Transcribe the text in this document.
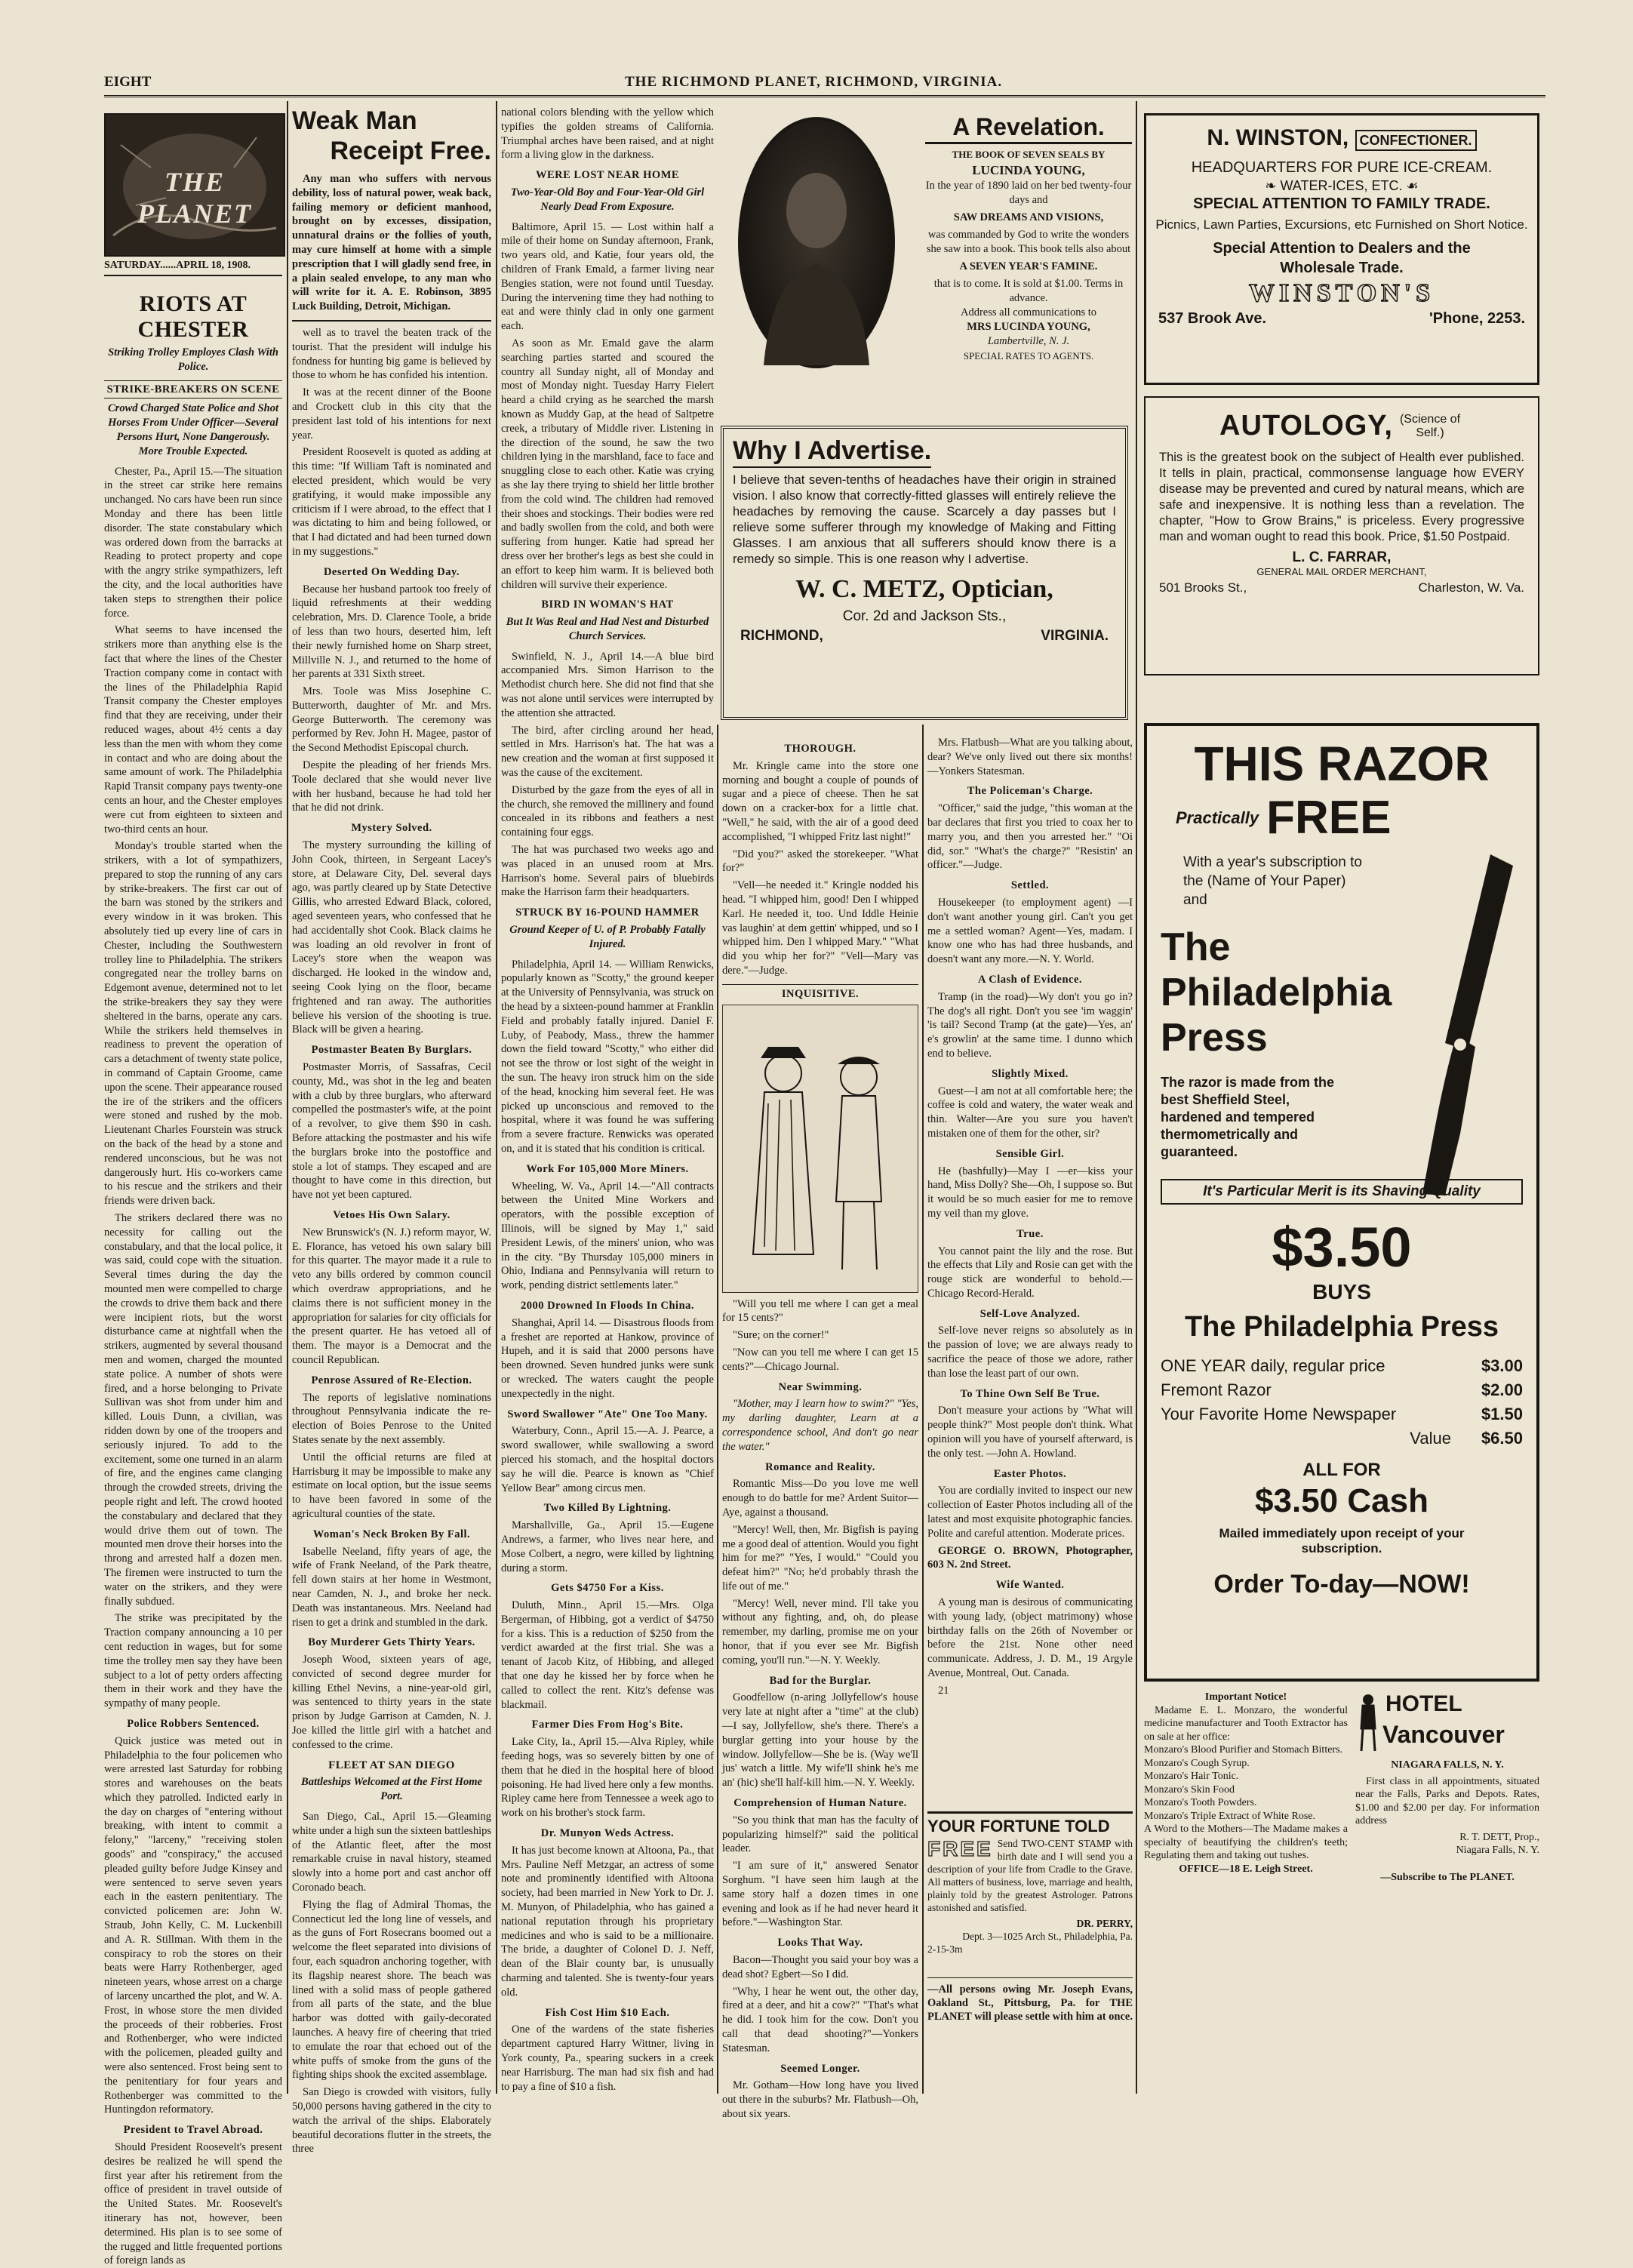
EIGHT	THE RICHMOND PLANET, RICHMOND, VIRGINIA.
THE PLANET
SATURDAY......APRIL 18, 1908.
RIOTS AT CHESTER
Striking Trolley Employes Clash With Police.
STRIKE-BREAKERS ON SCENE
Crowd Charged State Police and Shot Horses From Under Officer—Several Persons Hurt, None Dangerously. More Trouble Expected.

Chester, Pa., April 15.—The situation in the street car strike here remains unchanged. No cars have been run since Monday and there has been little disorder. The state constabulary which was ordered down from the barracks at Reading to protect property and cope with the angry strike sympathizers, left the city, and the local authorities have taken steps to strengthen their police force.

What seems to have incensed the strikers more than anything else is the fact that where the lines of the Chester Traction company come in contact with the lines of the Philadelphia Rapid Transit company the Chester employes find that they are receiving, under their reduced wages, about 4½ cents a day less than the men with whom they come in contact and who are doing about the same amount of work. The Philadelphia Rapid Transit company pays twenty-one cents an hour, and the Chester employes were cut from eighteen to sixteen and two-third cents an hour.

Monday's trouble started when the strikers, with a lot of sympathizers, prepared to stop the running of any cars by strike-breakers. The first car out of the barn was stoned by the strikers and every window in it was broken. This absolutely tied up every line of cars in Chester, including the Southwestern trolley line to Philadelphia. The strikers congregated near the trolley barns on Edgemont avenue, determined not to let the strike-breakers they say they were sheltered in the barns, operate any cars. While the strikers held themselves in readiness to prevent the operation of cars a detachment of twenty state police, in command of Captain Groome, came upon the scene. Their appearance roused the ire of the strikers and the officers were stoned and rushed by the mob. Lieutenant Charles Fourstein was struck on the back of the head by a stone and rendered unconscious, but he was not dangerously hurt. His co-workers came to his rescue and the strikers and their friends were driven back.

The strikers declared there was no necessity for calling out the constabulary, and that the local police, it was said, could cope with the situation. Several times during the day the mounted men were compelled to charge the crowds to drive them back and there were incipient riots, but the worst disturbance came at nightfall when the strikers, augmented by several thousand men and women, charged the mounted state police. A number of shots were fired, and a horse belonging to Private Sullivan was shot from under him and killed. Louis Dunn, a civilian, was ridden down by one of the troopers and seriously injured. To add to the excitement, some one turned in an alarm of fire, and the engines came clanging through the crowded streets, driving the people right and left. The crowd hooted the constabulary and declared that they would drive them out of town. The mounted men drove their horses into the throng and arrested half a dozen men. The firemen were instructed to turn the water on the strikers, and they were finally subdued.

The strike was precipitated by the Traction company announcing a 10 per cent reduction in wages, but for some time the trolley men say they have been subject to a lot of petty orders affecting them in their work and they have the sympathy of many people.

Police Robbers Sentenced.

Quick justice was meted out in Philadelphia to the four policemen who were arrested last Saturday for robbing stores and warehouses on the beats which they patrolled. Indicted early in the day on charges of "entering without breaking, with intent to commit a felony," "larceny," "receiving stolen goods" and "conspiracy," the accused pleaded guilty before Judge Kinsey and were sentenced to serve seven years each in the eastern penitentiary. The convicted policemen are: John W. Straub, John Kelly, C. M. Luckenbill and A. R. Stillman. With them in the conspiracy to rob the stores on their beats were Harry Rothenberger, aged nineteen years, whose arrest on a charge of larceny uncarthed the plot, and W. A. Frost, in whose store the men divided the proceeds of their robberies. Frost and Rothenberger, who were indicted with the policemen, pleaded guilty and were also sentenced. Frost being sent to the penitentiary for four years and Rothenberger was committed to the Huntingdon reformatory.

President to Travel Abroad.

Should President Roosevelt's present desires be realized he will spend the first year after his retirement from the office of president in travel outside of the United States. Mr. Roosevelt's itinerary has not, however, been determined. His plan is to see some of the rugged and little frequented portions of foreign lands as

Weak Man
Receipt Free.

Any man who suffers with nervous debility, loss of natural power, weak back, failing memory or deficient manhood, brought on by excesses, dissipation, unnatural drains or the follies of youth, may cure himself at home with a simple prescription that I will gladly send free, in a plain sealed envelope, to any man who will write for it. A. E. Robinson, 3895 Luck Building, Detroit, Michigan.

well as to travel the beaten track of the tourist. That the president will indulge his fondness for hunting big game is believed by those to whom he has confided his intention.

It was at the recent dinner of the Boone and Crockett club in this city that the president last told of his intentions for next year.

President Roosevelt is quoted as adding at this time: "If William Taft is nominated and elected president, which would be very gratifying, it would make impossible any criticism if I were abroad, to the effect that I was dictating to him and being followed, or that I had dictated and had been turned down in my suggestions."

Deserted On Wedding Day.

Because her husband partook too freely of liquid refreshments at their wedding celebration, Mrs. D. Clarence Toole, a bride of less than two hours, deserted him, left their newly furnished home on Sharp street, Millville N. J., and returned to the home of her parents at 331 Sixth street.

Mrs. Toole was Miss Josephine C. Butterworth, daughter of Mr. and Mrs. George Butterworth. The ceremony was performed by Rev. John H. Magee, pastor of the Second Methodist Episcopal church.

Despite the pleading of her friends Mrs. Toole declared that she would never live with her husband, because he had told her that he did not drink.

Mystery Solved.

The mystery surrounding the killing of John Cook, thirteen, in Sergeant Lacey's store, at Delaware City, Del. several days ago, was partly cleared up by State Detective Gillis, who arrested Edward Black, colored, aged seventeen years, who confessed that he had accidentally shot Cook. Black claims he was loading an old revolver in front of Lacey's store when the weapon was discharged. He looked in the window and, seeing Cook lying on the floor, became frightened and ran away. The authorities believe his version of the shooting is true. Black will be given a hearing.

Postmaster Beaten By Burglars.

Postmaster Morris, of Sassafras, Cecil county, Md., was shot in the leg and beaten with a club by three burglars, who afterward compelled the postmaster's wife, at the point of a revolver, to give them $90 in cash. Before attacking the postmaster and his wife the burglars broke into the postoffice and stole a lot of stamps. They escaped and are thought to have come in this direction, but have not yet been captured.

Vetoes His Own Salary.

New Brunswick's (N. J.) reform mayor, W. E. Florance, has vetoed his own salary bill for this quarter. The mayor made it a rule to veto any bills ordered by common council which overdraw appropriations, and he claims there is not sufficient money in the appropriation for salaries for city officials for the present quarter. He has vetoed all of them. The mayor is a Democrat and the council Republican.

Penrose Assured of Re-Election.

The reports of legislative nominations throughout Pennsylvania indicate the re-election of Boies Penrose to the United States senate by the next assembly.

Until the official returns are filed at Harrisburg it may be impossible to make any estimate on local option, but the issue seems to have been favored in some of the agricultural counties of the state.

Woman's Neck Broken By Fall.

Isabelle Neeland, fifty years of age, the wife of Frank Neeland, of the Park theatre, fell down stairs at her home in Westmont, near Camden, N. J., and broke her neck. Death was instantaneous. Mrs. Neeland had risen to get a drink and stumbled in the dark.

Boy Murderer Gets Thirty Years.

Joseph Wood, sixteen years of age, convicted of second degree murder for killing Ethel Nevins, a nine-year-old girl, was sentenced to thirty years in the state prison by Judge Garrison at Camden, N. J. Joe killed the little girl with a hatchet and confessed to the crime.

FLEET AT SAN DIEGO
Battleships Welcomed at the First Home Port.

San Diego, Cal., April 15.—Gleaming white under a high sun the sixteen battleships of the Atlantic fleet, after the most remarkable cruise in naval history, steamed slowly into a home port and cast anchor off Coronado beach.

Flying the flag of Admiral Thomas, the Connecticut led the long line of vessels, and as the guns of Fort Rosecrans boomed out a welcome the fleet separated into divisions of four, each squadron anchoring together, with its flagship nearest shore. The beach was lined with a solid mass of people gathered from all parts of the state, and the blue harbor was dotted with gaily-decorated launches. A heavy fire of cheering that tried to emulate the roar that echoed out of the white puffs of smoke from the guns of the fighting ships shook the excited assemblage.

San Diego is crowded with visitors, fully 50,000 persons having gathered in the city to watch the arrival of the ships. Elaborately beautiful decorations flutter in the streets, the three

national colors blending with the yellow which typifies the golden streams of California. Triumphal arches have been raised, and at night form a living glow in the darkness.

WERE LOST NEAR HOME
Two-Year-Old Boy and Four-Year-Old Girl Nearly Dead From Exposure.

Baltimore, April 15. — Lost within half a mile of their home on Sunday afternoon, Frank, two years old, and Katie, four years old, the children of Frank Emald, a farmer living near Bengies station, were not found until Tuesday. During the intervening time they had nothing to eat and were thinly clad in only one garment each.

As soon as Mr. Emald gave the alarm searching parties started and scoured the country all Sunday night, all of Monday and most of Monday night. Tuesday Harry Fielert heard a child crying as he searched the marsh known as Muddy Gap, at the head of Saltpetre creek, a tributary of Middle river. Listening in the direction of the sound, he saw the two children lying in the marshland, face to face and snuggling close to each other. Katie was crying as she lay there trying to shield her little brother from the cold wind. The children had removed their shoes and stockings. Their bodies were red and badly swollen from the cold, and both were suffering from hunger. Katie had spread her dress over her brother's legs as best she could in an effort to keep him warm. It is believed both children will survive their experience.

BIRD IN WOMAN'S HAT
But It Was Real and Had Nest and Disturbed Church Services.

Swinfield, N. J., April 14.—A blue bird accompanied Mrs. Simon Harrison to the Methodist church here. She did not find that she was not alone until services were interrupted by the attention she attracted.

The bird, after circling around her head, settled in Mrs. Harrison's hat. The hat was a new creation and the woman at first supposed it was the cause of the excitement.

Disturbed by the gaze from the eyes of all in the church, she removed the millinery and found concealed in its ribbons and feathers a nest containing four eggs.

The hat was purchased two weeks ago and was placed in an unused room at Mrs. Harrison's home. Several pairs of bluebirds make the Harrison farm their headquarters.

STRUCK BY 16-POUND HAMMER
Ground Keeper of U. of P. Probably Fatally Injured.

Philadelphia, April 14. — William Renwicks, popularly known as "Scotty," the ground keeper at the University of Pennsylvania, was struck on the head by a sixteen-pound hammer at Franklin Field and probably fatally injured. Daniel F. Luby, of Peabody, Mass., threw the hammer down the field toward "Scotty," who either did not see the throw or lost sight of the weight in the sun. The heavy iron struck him on the side of the head, knocking him several feet. He was picked up unconscious and removed to the hospital, where it was found he was suffering from a severe fracture. Renwicks was operated on, and it is stated that his condition is critical.

Work For 105,000 More Miners.

Wheeling, W. Va., April 14.—"All contracts between the United Mine Workers and operators, with the possible exception of Illinois, will be signed by May 1," said President Lewis, of the miners' union, who was in the city. "By Thursday 105,000 miners in Ohio, Indiana and Pennsylvania will return to work, pending district settlements later."

2000 Drowned In Floods In China.

Shanghai, April 14. — Disastrous floods from a freshet are reported at Hankow, province of Hupeh, and it is said that 2000 persons have been drowned. Seven hundred junks were sunk or wrecked. The waters caught the people unexpectedly in the night.

Sword Swallower "Ate" One Too Many.

Waterbury, Conn., April 15.—A. J. Pearce, a sword swallower, while swallowing a sword pierced his stomach, and the hospital doctors say he will die. Pearce is known as "Chief Yellow Bear" among circus men.

Two Killed By Lightning.

Marshallville, Ga., April 15.—Eugene Andrews, a farmer, who lives near here, and Mose Colbert, a negro, were killed by lightning during a storm.

Gets $4750 For a Kiss.

Duluth, Minn., April 15.—Mrs. Olga Bergerman, of Hibbing, got a verdict of $4750 for a kiss. This is a reduction of $250 from the verdict awarded at the first trial. She was a tenant of Jacob Kitz, of Hibbing, and alleged that one day he kissed her by force when he called to collect the rent. Kitz's defense was blackmail.

Farmer Dies From Hog's Bite.

Lake City, Ia., April 15.—Alva Ripley, while feeding hogs, was so severely bitten by one of them that he died in the hospital here of blood poisoning. He had lived here only a few months. Ripley came here from Tennessee a week ago to work on his brother's stock farm.

Dr. Munyon Weds Actress.

It has just become known at Altoona, Pa., that Mrs. Pauline Neff Metzgar, an actress of some note and prominently identified with Altoona society, had been married in New York to Dr. J. M. Munyon, of Philadelphia, who has gained a national reputation through his proprietary medicines and who is said to be a millionaire. The bride, a daughter of Colonel D. J. Neff, dean of the Blair county bar, is unusually charming and talented. She is twenty-four years old.

Fish Cost Him $10 Each.

One of the wardens of the state fisheries department captured Harry Wittner, living in York county, Pa., spearing suckers in a creek near Harrisburg. The man had six fish and had to pay a fine of $10 a fish.

A Revelation.
THE BOOK OF SEVEN SEALS BY
LUCINDA YOUNG,
In the year of 1890 laid on her bed twenty-four days and
SAW DREAMS AND VISIONS,
was commanded by God to write the wonders she saw into a book. This book tells also about
A SEVEN YEAR'S FAMINE.
that is to come. It is sold at $1.00. Terms in advance.
Address all communications to
MRS LUCINDA YOUNG,
Lambertville, N. J.
SPECIAL RATES TO AGENTS.
N. WINSTON, CONFECTIONER.
HEADQUARTERS FOR PURE ICE-CREAM.
❧ WATER-ICES, ETC. ☙
SPECIAL ATTENTION TO FAMILY TRADE.
Picnics, Lawn Parties, Excursions, etc Furnished on Short Notice.
Special Attention to Dealers and the Wholesale Trade.
WINSTON'S
537 Brook Ave.	'Phone, 2253.
Why I Advertise.
I believe that seven-tenths of headaches have their origin in strained vision. I also know that correctly-fitted glasses will entirely relieve the headaches by removing the cause. Scarcely a day passes but I relieve some sufferer through my knowledge of Making and Fitting Glasses. I am anxious that all sufferers should know there is a remedy so simple. This is one reason why I advertise.
W. C. METZ, Optician,
Cor. 2d and Jackson Sts.,
RICHMOND,	VIRGINIA.
AUTOLOGY, (Science of Self.)
This is the greatest book on the subject of Health ever published. It tells in plain, practical, commonsense language how EVERY disease may be prevented and cured by natural means, which are safe and inexpensive. It is nothing less than a revelation. The chapter, "How to Grow Brains," is priceless. Every progressive man and woman ought to read this book. Price, $1.50 Postpaid.
L. C. FARRAR,
GENERAL MAIL ORDER MERCHANT,
501 Brooks St.,	Charleston, W. Va.
THOROUGH.

Mr. Kringle came into the store one morning and bought a couple of pounds of sugar and a piece of cheese. Then he sat down on a cracker-box for a little chat. "Well," he said, with the air of a good deed accomplished, "I whipped Fritz last night!"

"Did you?" asked the storekeeper. "What for?"

"Vell—he needed it." Kringle nodded his head. "I whipped him, good! Den I whipped Karl. He needed it, too. Und Iddle Heinie vas laughin' at dem gettin' whipped, und so I whipped him. Den I whipped Mary." "What did you whip her for?" "Vell—Mary vas dere."—Judge.

INQUISITIVE.

"Will you tell me where I can get a meal for 15 cents?"

"Sure; on the corner!"

"Now can you tell me where I can get 15 cents?"—Chicago Journal.

Near Swimming.

"Mother, may I learn how to swim?" "Yes, my darling daughter, Learn at a correspondence school, And don't go near the water."

Romance and Reality.

Romantic Miss—Do you love me well enough to do battle for me? Ardent Suitor—Aye, against a thousand.

"Mercy! Well, then, Mr. Bigfish is paying me a good deal of attention. Would you fight him for me?" "Yes, I would." "Could you defeat him?" "No; he'd probably thrash the life out of me."

"Mercy! Well, never mind. I'll take you without any fighting, and, oh, do please remember, my darling, promise me on your honor, that if you ever see Mr. Bigfish coming, you'll run."—N. Y. Weekly.

Bad for the Burglar.

Goodfellow (n-aring Jollyfellow's house very late at night after a "time" at the club)—I say, Jollyfellow, she's there. There's a burglar getting into your house by the window. Jollyfellow—She be is. (Way we'll jus' watch a little. My wife'll shink he's me an' (hic) she'll half-kill him.—N. Y. Weekly.

Comprehension of Human Nature.

"So you think that man has the faculty of popularizing himself?" said the political leader.

"I am sure of it," answered Senator Sorghum. "I have seen him laugh at the same story half a dozen times in one evening and look as if he had never heard it before."—Washington Star.

Looks That Way.

Bacon—Thought you said your boy was a dead shot? Egbert—So I did.

"Why, I hear he went out, the other day, fired at a deer, and hit a cow?" "That's what he did. I took him for the cow. Don't you call that dead shooting?"—Yonkers Statesman.

Seemed Longer.

Mr. Gotham—How long have you lived out there in the suburbs? Mr. Flatbush—Oh, about six years.

Mrs. Flatbush—What are you talking about, dear? We've only lived out there six months!—Yonkers Statesman.

The Policeman's Charge.

"Officer," said the judge, "this woman at the bar declares that first you tried to coax her to marry you, and then you arrested her." "Oi did, sor." "What's the charge?" "Resistin' an officer."—Judge.

Settled.

Housekeeper (to employment agent) —I don't want another young girl. Can't you get me a settled woman? Agent—Yes, madam. I know one who has had three husbands, and doesn't want any more.—N. Y. World.

A Clash of Evidence.

Tramp (in the road)—Wy don't you go in? The dog's all right. Don't you see 'im waggin' 'is tail? Second Tramp (at the gate)—Yes, an' e's growlin' at the same time. I dunno which end to believe.

Slightly Mixed.

Guest—I am not at all comfortable here; the coffee is cold and watery, the water weak and thin. Walter—Are you sure you haven't mistaken one of them for the other, sir?

Sensible Girl.

He (bashfully)—May I —er—kiss your hand, Miss Dolly? She—Oh, I suppose so. But it would be so much easier for me to remove my veil than my glove.

True.

You cannot paint the lily and the rose. But the effects that Lily and Rosie can get with the rouge stick are wonderful to behold.—Chicago Record-Herald.

Self-Love Analyzed.

Self-love never reigns so absolutely as in the passion of love; we are always ready to sacrifice the peace of those we adore, rather than lose the least part of our own.

To Thine Own Self Be True.

Don't measure your actions by "What will people think?" Most people don't think. What opinion will you have of yourself afterward, is the only test. —John A. Howland.

Easter Photos.

You are cordially invited to inspect our new collection of Easter Photos including all of the latest and most exquisite photographic fancies. Polite and careful attention. Moderate prices.

GEORGE O. BROWN, Photographer, 603 N. 2nd Street.

Wife Wanted.

A young man is desirous of communicating with young lady, (object matrimony) whose birthday falls on the 26th of November or before the 21st. None other need communicate. Address, J. D. M., 19 Argyle Avenue, Montreal, Out. Canada.

21

YOUR FORTUNE TOLD
FREE Send TWO-CENT STAMP with birth date and I will send you a description of your life from Cradle to the Grave. All matters of business, love, marriage and health, plainly told by the greatest Astrologer. Patrons astonished and satisfied.
DR. PERRY,
Dept. 3—1025 Arch St., Philadelphia, Pa.
2-15-3m
—All persons owing Mr. Joseph Evans, Oakland St., Pittsburg, Pa. for THE PLANET will please settle with him at once.
THIS RAZOR
Practically FREE
With a year's subscription to the (Name of Your Paper) and
The
Philadelphia
Press
The razor is made from the best Sheffield Steel, hardened and tempered thermometrically and guaranteed.
It's Particular Merit is its Shaving Quality
$3.50
BUYS
The Philadelphia Press
ONE YEAR daily, regular price	$3.00
Fremont Razor	$2.00
Your Favorite Home Newspaper	$1.50
Value $6.50
ALL FOR
$3.50 Cash
Mailed immediately upon receipt of your subscription.
Order To-day—NOW!
Important Notice!
Madame E. L. Monzaro, the wonderful medicine manufacturer and Tooth Extractor has on sale at her office:
Monzaro's Blood Purifier and Stomach Bitters.
Monzaro's Cough Syrup.
Monzaro's Hair Tonic.
Monzaro's Skin Food
Monzaro's Tooth Powders.
Monzaro's Triple Extract of White Rose.
A Word to the Mothers—The Madame makes a specialty of beautifying the children's teeth; Regulating them and taking out tushes.
OFFICE—18 E. Leigh Street.
HOTEL
Vancouver
NIAGARA FALLS, N. Y.
First class in all appointments, situated near the Falls, Parks and Depots. Rates, $1.00 and $2.00 per day. For information address
R. T. DETT, Prop.,
Niagara Falls, N. Y.
—Subscribe to The PLANET.
